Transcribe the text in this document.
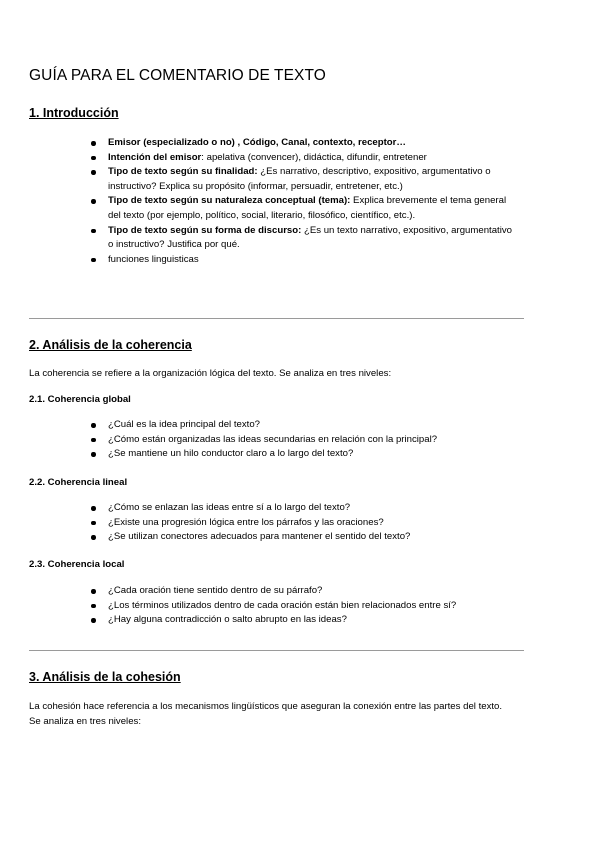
GUÍA PARA EL COMENTARIO DE TEXTO
1. Introducción
Emisor (especializado o no) , Código, Canal, contexto, receptor…
Intención del emisor: apelativa (convencer), didáctica, difundir, entretener
Tipo de texto según su finalidad: ¿Es narrativo, descriptivo, expositivo, argumentativo o instructivo? Explica su propósito (informar, persuadir, entretener, etc.)
Tipo de texto según su naturaleza conceptual (tema): Explica brevemente el tema general del texto (por ejemplo, político, social, literario, filosófico, científico, etc.).
Tipo de texto según su forma de discurso: ¿Es un texto narrativo, expositivo, argumentativo o instructivo? Justifica por qué.
funciones linguisticas
2. Análisis de la coherencia

La coherencia se refiere a la organización lógica del texto. Se analiza en tres niveles:

2.1. Coherencia global
¿Cuál es la idea principal del texto?
¿Cómo están organizadas las ideas secundarias en relación con la principal?
¿Se mantiene un hilo conductor claro a lo largo del texto?
2.2. Coherencia lineal
¿Cómo se enlazan las ideas entre sí a lo largo del texto?
¿Existe una progresión lógica entre los párrafos y las oraciones?
¿Se utilizan conectores adecuados para mantener el sentido del texto?
2.3. Coherencia local
¿Cada oración tiene sentido dentro de su párrafo?
¿Los términos utilizados dentro de cada oración están bien relacionados entre sí?
¿Hay alguna contradicción o salto abrupto en las ideas?
3. Análisis de la cohesión

La cohesión hace referencia a los mecanismos lingüísticos que aseguran la conexión entre las partes del texto. Se analiza en tres niveles:
